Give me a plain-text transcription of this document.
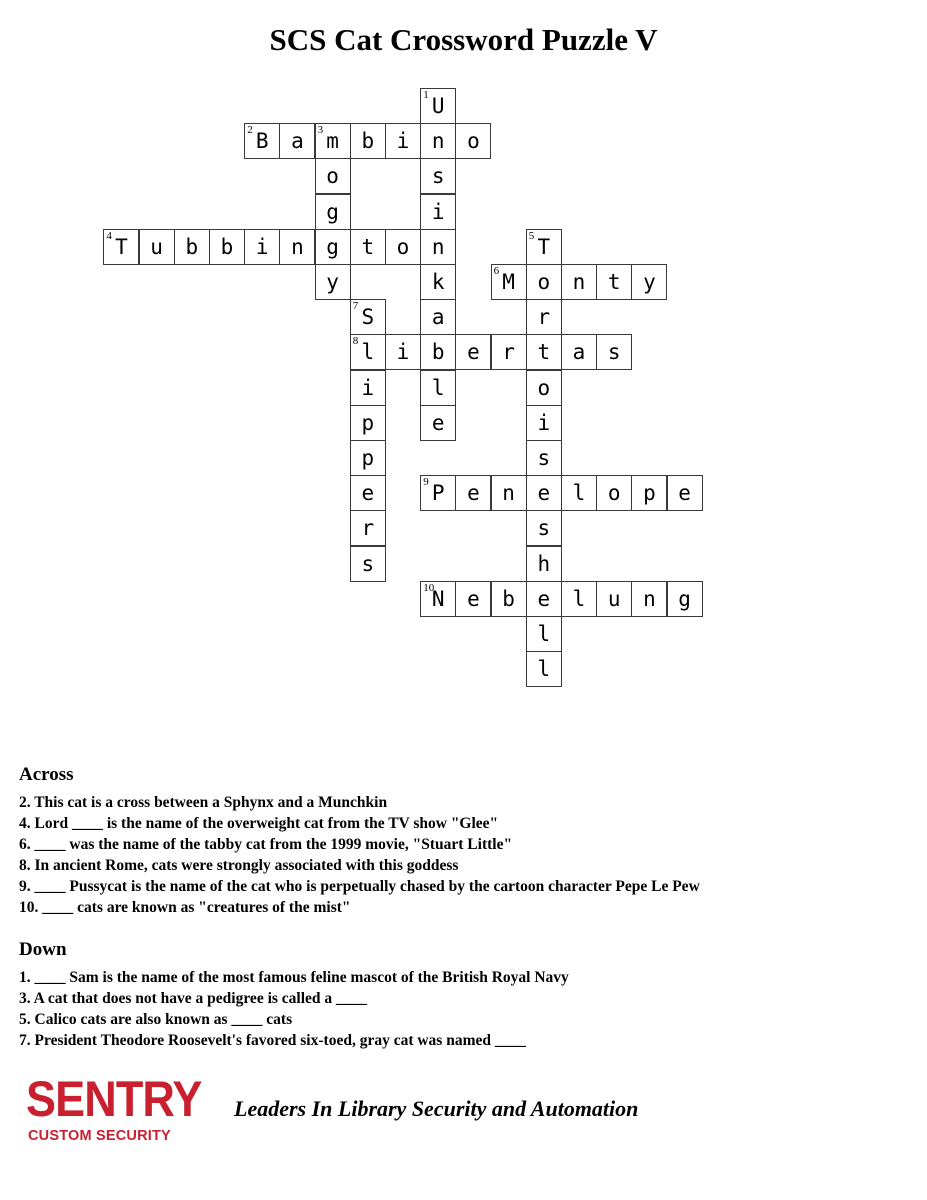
SCS Cat Crossword Puzzle V
U
1
n
s
i
n
k
a
b
l
e
B
2	a	m
3	b	i	o
o
g
g
y
T
4	u	b	b	i	n	t	o	T
5
o
r
t
o
i
s
e
s
h
e
l
l
M
6	n	t	y
S
7
l
8
i
p
p
e
r
s
i	e	r	a	s
P
9	e	n	l	o	p	e
N
10	e	b	l	u	n	g
Across
2. This cat is a cross between a Sphynx and a Munchkin
4. Lord ____ is the name of the overweight cat from the TV show "Glee"
6. ____ was the name of the tabby cat from the 1999 movie, "Stuart Little"
8. In ancient Rome, cats were strongly associated with this goddess
9. ____ Pussycat is the name of the cat who is perpetually chased by the cartoon character Pepe Le Pew
10. ____ cats are known as "creatures of the mist"
Down
1. ____ Sam is the name of the most famous feline mascot of the British Royal Navy
3. A cat that does not have a pedigree is called a ____
5. Calico cats are also known as ____ cats
7. President Theodore Roosevelt's favored six-toed, gray cat was named ____
SENTRY
CUSTOM SECURITY
Leaders In Library Security and Automation
